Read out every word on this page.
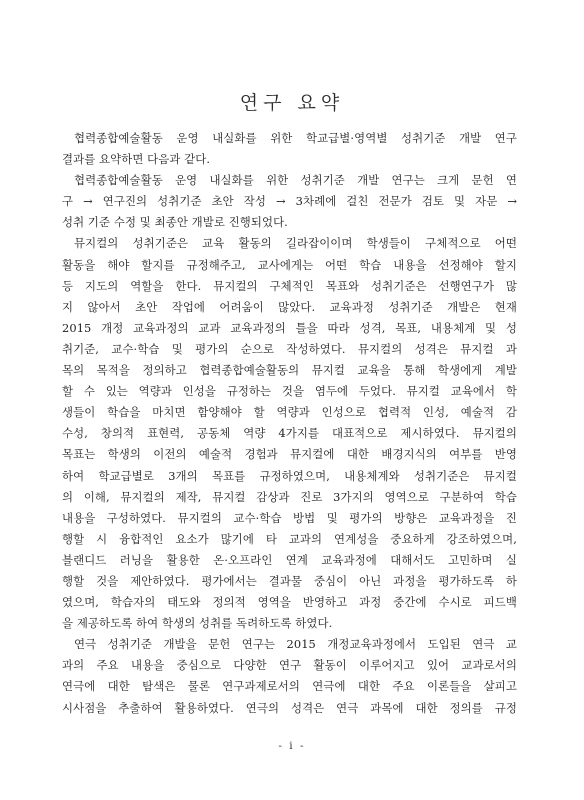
연구 요약
협력종합예술활동 운영 내실화를 위한 학교급별·영역별 성취기준 개발 연구
결과를 요약하면 다음과 같다.
협력종합예술활동 운영 내실화를 위한 성취기준 개발 연구는 크게 문헌 연
구 → 연구진의 성취기준 초안 작성 → 3차례에 걸친 전문가 검토 및 자문 →
성취 기준 수정 및 최종안 개발로 진행되었다.
뮤지컬의 성취기준은 교육 활동의 길라잡이이며 학생들이 구체적으로 어떤
활동을 해야 할지를 규정해주고, 교사에게는 어떤 학습 내용을 선정해야 할지
등 지도의 역할을 한다. 뮤지컬의 구체적인 목표와 성취기준은 선행연구가 많
지 않아서 초안 작업에 어려움이 많았다. 교육과정 성취기준 개발은 현재
2015 개정 교육과정의 교과 교육과정의 틀을 따라 성격, 목표, 내용체계 및 성
취기준, 교수·학습 및 평가의 순으로 작성하였다. 뮤지컬의 성격은 뮤지컬 과
목의 목적을 정의하고 협력종합예술활동의 뮤지컬 교육을 통해 학생에게 계발
할 수 있는 역량과 인성을 규정하는 것을 염두에 두었다. 뮤지컬 교육에서 학
생들이 학습을 마치면 함양해야 할 역량과 인성으로 협력적 인성, 예술적 감
수성, 창의적 표현력, 공동체 역량 4가지를 대표적으로 제시하였다. 뮤지컬의
목표는 학생의 이전의 예술적 경험과 뮤지컬에 대한 배경지식의 여부를 반영
하여 학교급별로 3개의 목표를 규정하였으며, 내용체계와 성취기준은 뮤지컬
의 이해, 뮤지컬의 제작, 뮤지컬 감상과 진로 3가지의 영역으로 구분하여 학습
내용을 구성하였다. 뮤지컬의 교수·학습 방법 및 평가의 방향은 교육과정을 진
행할 시 융합적인 요소가 많기에 타 교과의 연계성을 중요하게 강조하였으며,
블랜디드 러닝을 활용한 온·오프라인 연계 교육과정에 대해서도 고민하며 실
행할 것을 제안하였다. 평가에서는 결과물 중심이 아닌 과정을 평가하도록 하
였으며, 학습자의 태도와 정의적 영역을 반영하고 과정 중간에 수시로 피드백
을 제공하도록 하여 학생의 성취를 독려하도록 하였다.
연극 성취기준 개발을 문헌 연구는 2015 개정교육과정에서 도입된 연극 교
과의 주요 내용을 중심으로 다양한 연구 활동이 이루어지고 있어 교과로서의
연극에 대한 탐색은 물론 연구과제로서의 연극에 대한 주요 이론들을 살피고
시사점을 추출하여 활용하였다. 연극의 성격은 연극 과목에 대한 정의를 규정
- i -
